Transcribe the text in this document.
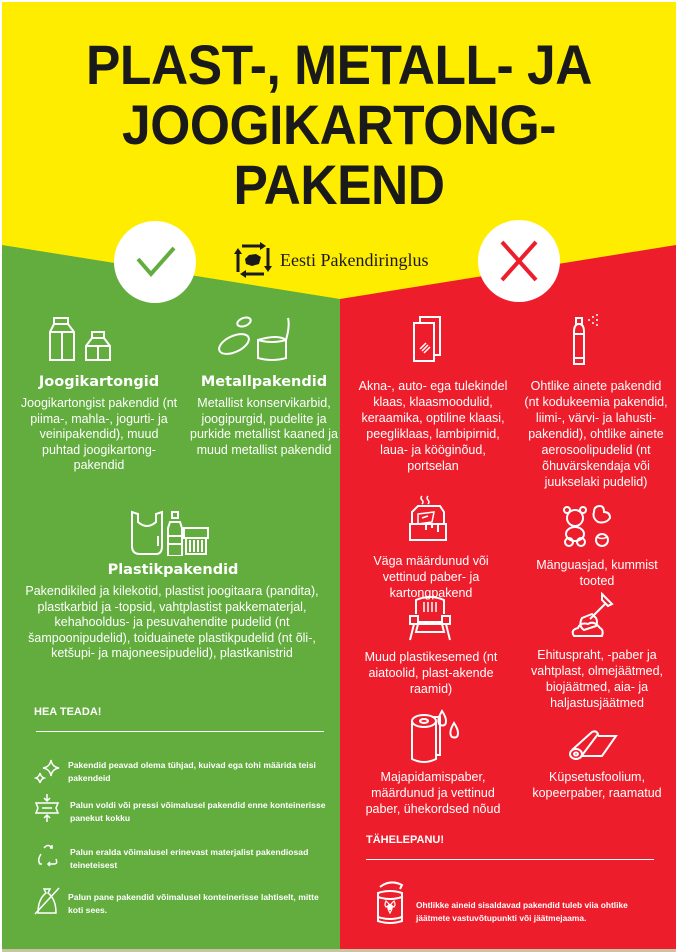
PLAST-, METALL- JA
JOOGIKARTONG-
PAKEND
Eesti Pakendiringlus
Joogikartongid
Joogikartongist pakendid (nt piima-, mahla-, jogurti- ja veinipakendid), muud puhtad joogikartong-pakendid
Metallpakendid
Metallist konservikarbid, joogipurgid, pudelite ja purkide metallist kaaned ja muud metallist pakendid
Plastikpakendid
Pakendikiled ja kilekotid, plastist joogitaara (pandita), plastkarbid ja -topsid, vahtplastist pakkematerjal, kehahooldus- ja pesuvahendite pudelid (nt šampoonipudelid), toiduainete plastikpudelid (nt õli-, ketšupi- ja majoneesipudelid), plastkanistrid
HEA TEADA!
Pakendid peavad olema tühjad, kuivad ega tohi määrida teisi pakendeid
Palun voldi või pressi võimalusel pakendid enne konteinerisse panekut kokku
Palun eralda võimalusel erinevast materjalist pakendiosad teineteisest
Palun pane pakendid võimalusel konteinerisse lahtiselt, mitte koti sees.
Akna-, auto- ega tulekindel klaas, klaasmoodulid, keraamika, optiline klaasi, peegliklaas, lambipirnid, laua- ja kööginõud, portselan
Ohtlike ainete pakendid (nt kodukeemia pakendid, liimi-, värvi- ja lahusti-pakendid), ohtlike ainete aerosoolipudelid (nt õhuvärskendaja või juukselaki pudelid)
Väga määrdunud või vettinud paber- ja kartongpakend
Mänguasjad, kummist tooted
Muud plastikesemed (nt aiatoolid, plast-akende raamid)
Ehituspraht, -paber ja vahtplast, olmejäätmed, biojäätmed, aia- ja haljastusjäätmed
Majapidamispaber, määrdunud ja vettinud paber, ühekordsed nõud
Küpsetusfoolium, kopeerpaber, raamatud
TÄHELEPANU!
Ohtlikke aineid sisaldavad pakendid tuleb viia ohtlike jäätmete vastuvõtupunkti või jäätmejaama.
